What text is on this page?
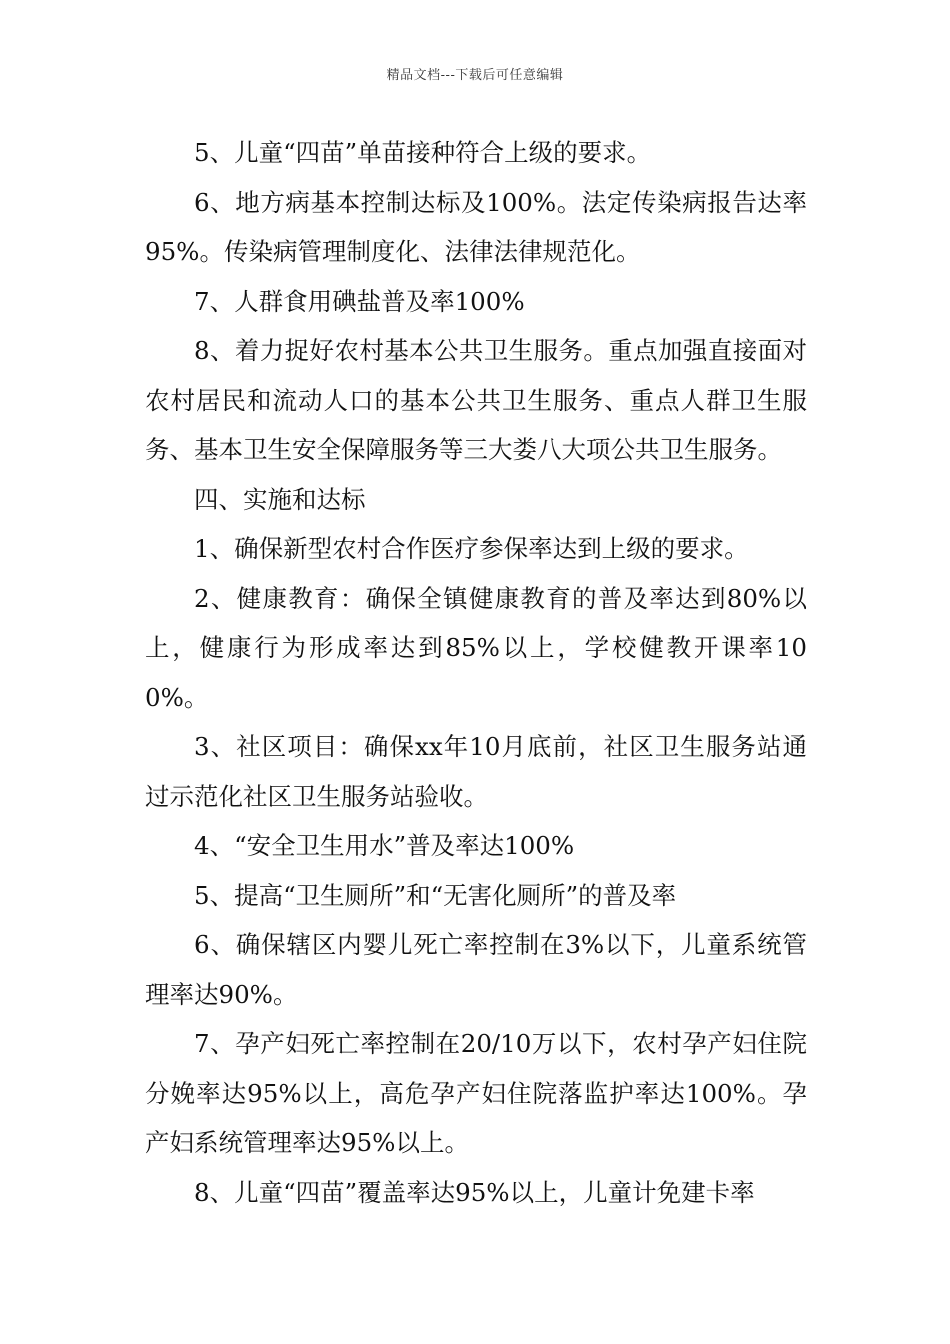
精品文档---下载后可任意编辑

5、儿童“四苗”单苗接种符合上级的要求。

6、地方病基本控制达标及100%。法定传染病报告达率95%。传染病管理制度化、法律法律规范化。

7、人群食用碘盐普及率100%

8、着力捉好农村基本公共卫生服务。重点加强直接面对农村居民和流动人口的基本公共卫生服务、重点人群卫生服务、基本卫生安全保障服务等三大娄八大项公共卫生服务。

四、实施和达标

1、确保新型农村合作医疗参保率达到上级的要求。

2、健康教育：确保全镇健康教育的普及率达到80%以上，健康行为形成率达到85%以上，学校健教开课率100%。

3、社区项目：确保xx年10月底前，社区卫生服务站通过示范化社区卫生服务站验收。

4、“安全卫生用水”普及率达100%

5、提高“卫生厕所”和“无害化厕所”的普及率

6、确保辖区内婴儿死亡率控制在3%以下，儿童系统管理率达90%。

7、孕产妇死亡率控制在20/10万以下，农村孕产妇住院分娩率达95%以上，高危孕产妇住院落监护率达100%。孕产妇系统管理率达95%以上。

8、儿童“四苗”覆盖率达95%以上，儿童计免建卡率
